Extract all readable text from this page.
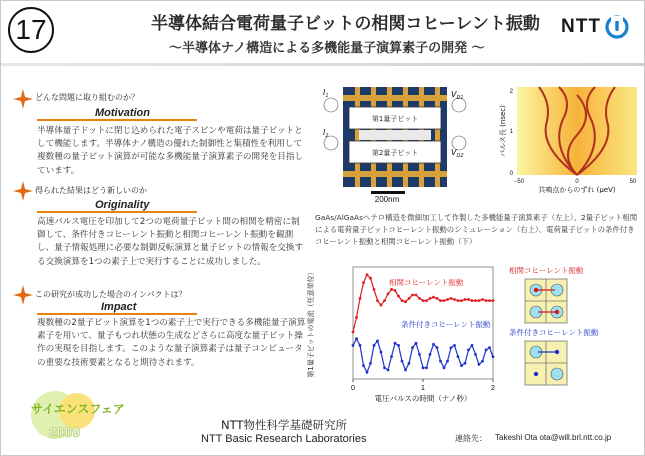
17	半導体結合電荷量子ビットの相関コヒーレント振動
～半導体ナノ構造による多機能量子演算素子の開発 ～
NTT
どんな問題に取り組むのか？
Motivation
半導体量子ドットに閉じ込められた電子スピンや電荷は量子ビットとして機能します。半導体ナノ構造の優れた制御性と集積性を利用して複数種の量子ビット演算が可能な多機能量子演算素子の開発を目指しています。
得られた結果はどう新しいのか
Originality
高速パルス電圧を印加して2つの電荷量子ビット間の相関を精密に制御して、条件付きコヒーレント振動と相関コヒーレント振動を観測し、量子情報処理に必要な制御反転演算と量子ビットの情報を交換する交換演算を1つの素子上で実行することに成功しました。
この研究が成功した場合のインパクトは？
Impact
複数種の2量子ビット演算を1つの素子上で実行できる多機能量子演算素子を用いて、量子もつれ状態の生成などさらに高度な量子ビット操作の実現を目指します。このような量子演算素子は量子コンピュータの重要な技術要素となると期待されます。
第1量子ビット
第2量子ビット
$I_1$
$I_2$
$V_{D1}$
$V_{D2}$
200nm
パルス長 (nsec)
0
1
2
−50	0	50
共鳴点からのずれ (μeV)
GaAs/AlGaAsヘテロ構造を微細加工して作製した多機能量子演算素子（左上）、2量子ビット相関による電荷量子ビットコヒーレント振動のシミュレーション（右上）、電荷量子ビットの条件付きコヒーレント振動と相関コヒーレント振動（下）
第1量子ビットの電流（任意単位）
電圧パルスの時間（ナノ秒）
相関コヒーレント振動
条件付きコヒーレント振動
0	1	2
相関コヒーレント振動
条件付きコヒーレント振動
サイエンスフェア
2009	NTT物性科学基礎研究所
NTT Basic Research Laboratories	連絡先： Takeshi Ota ota@will.brl.ntt.co.jp
